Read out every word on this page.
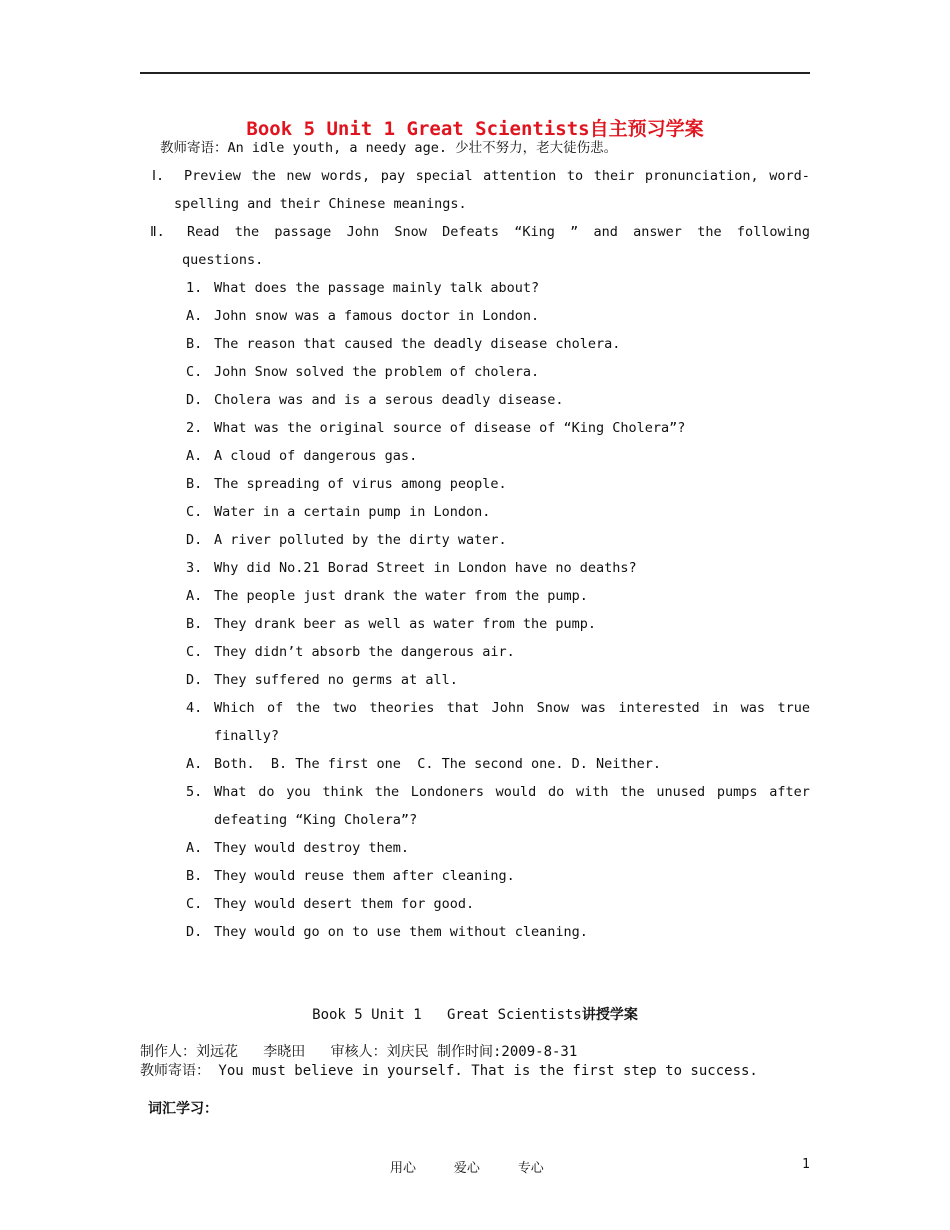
Book 5 Unit 1 Great Scientists自主预习学案
教师寄语：An idle youth, a needy age. 少壮不努力，老大徒伤悲。
Ⅰ. Preview the new words, pay special attention to their pronunciation, word-
spelling and their Chinese meanings.
Ⅱ. Read the passage John Snow Defeats “King ” and answer the following
questions.
1. What does the passage mainly talk about?
A. John snow was a famous doctor in London.
B. The reason that caused the deadly disease cholera.
C. John Snow solved the problem of cholera.
D. Cholera was and is a serous deadly disease.
2. What was the original source of disease of “King Cholera”?
A. A cloud of dangerous gas.
B. The spreading of virus among people.
C. Water in a certain pump in London.
D. A river polluted by the dirty water.
3. Why did No.21 Borad Street in London have no deaths?
A. The people just drank the water from the pump.
B. They drank beer as well as water from the pump.
C. They didn’t absorb the dangerous air.
D. They suffered no germs at all.
4. Which of the two theories that John Snow was interested in was true
finally?
A. Both.  B. The first one  C. The second one. D. Neither.
5. What do you think the Londoners would do with the unused pumps after
defeating “King Cholera”?
A. They would destroy them.
B. They would reuse them after cleaning.
C. They would desert them for good.
D. They would go on to use them without cleaning.
Book 5 Unit 1   Great Scientists讲授学案
制作人：刘远花   李晓田   审核人：刘庆民 制作时间:2009-8-31
教师寄语： You must believe in yourself. That is the first step to success.
词汇学习：
用心	爱心	专心	1
